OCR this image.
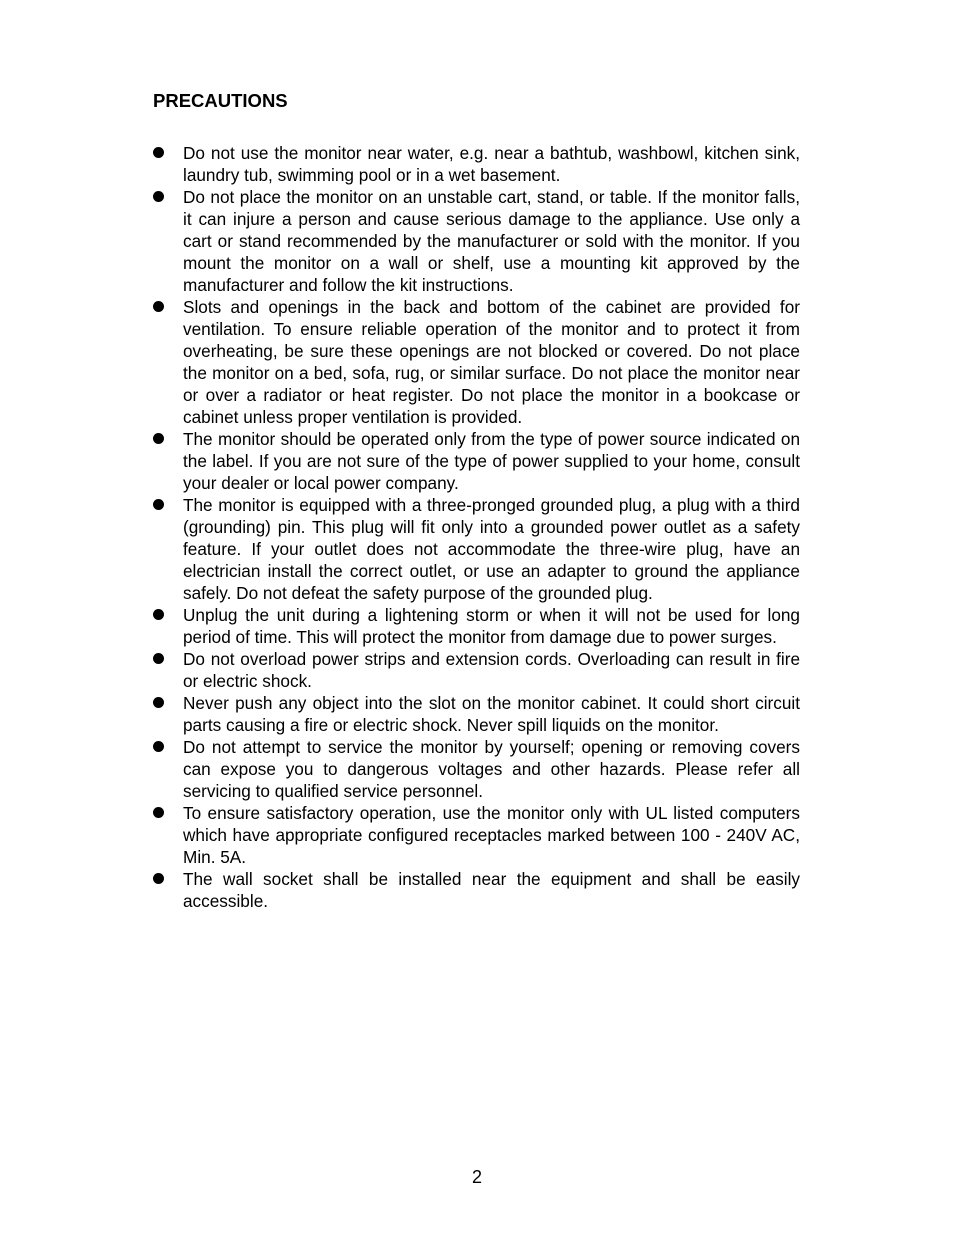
PRECAUTIONS
Do not use the monitor near water, e.g. near a bathtub, washbowl, kitchen sink, laundry tub, swimming pool or in a wet basement.
Do not place the monitor on an unstable cart, stand, or table. If the monitor falls, it can injure a person and cause serious damage to the appliance. Use only a cart or stand recommended by the manufacturer or sold with the monitor. If you mount the monitor on a wall or shelf, use a mounting kit approved by the manufacturer and follow the kit instructions.
Slots and openings in the back and bottom of the cabinet are provided for ventilation. To ensure reliable operation of the monitor and to protect it from overheating, be sure these openings are not blocked or covered. Do not place the monitor on a bed, sofa, rug, or similar surface. Do not place the monitor near or over a radiator or heat register. Do not place the monitor in a bookcase or cabinet unless proper ventilation is provided.
The monitor should be operated only from the type of power source indicated on the label. If you are not sure of the type of power supplied to your home, consult your dealer or local power company.
The monitor is equipped with a three-pronged grounded plug, a plug with a third (grounding) pin. This plug will fit only into a grounded power outlet as a safety feature. If your outlet does not accommodate the three-wire plug, have an electrician install the correct outlet, or use an adapter to ground the appliance safely. Do not defeat the safety purpose of the grounded plug.
Unplug the unit during a lightening storm or when it will not be used for long period of time. This will protect the monitor from damage due to power surges.
Do not overload power strips and extension cords. Overloading can result in fire or electric shock.
Never push any object into the slot on the monitor cabinet. It could short circuit parts causing a fire or electric shock. Never spill liquids on the monitor.
Do not attempt to service the monitor by yourself; opening or removing covers can expose you to dangerous voltages and other hazards. Please refer all servicing to qualified service personnel.
To ensure satisfactory operation, use the monitor only with UL listed computers which have appropriate configured receptacles marked between 100 - 240V AC, Min. 5A.
The wall socket shall be installed near the equipment and shall be easily accessible.
2
